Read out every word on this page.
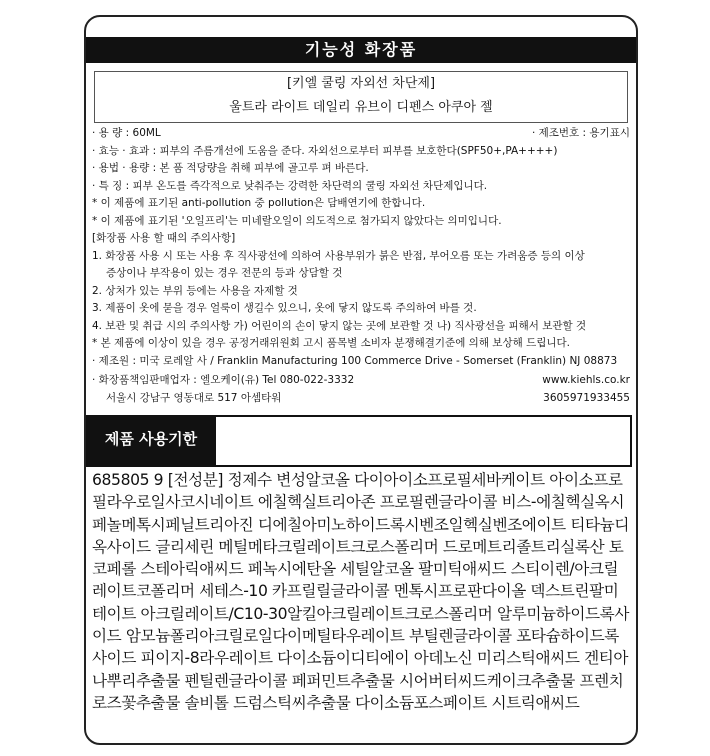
기능성 화장품
[키엘 쿨링 자외선 차단제]
울트라 라이트 데일리 유브이 디펜스 아쿠아 젤
· 용 량 : 60ML	· 제조번호 : 용기표시
· 효능 · 효과 : 피부의 주름개선에 도움을 준다. 자외선으로부터 피부를 보호한다(SPF50+,PA++++)
· 용법 · 용량 : 본 품 적당량을 취해 피부에 골고루 펴 바른다.
· 특 징 : 피부 온도를 즉각적으로 낮춰주는 강력한 차단력의 쿨링 자외선 차단제입니다.
* 이 제품에 표기된 anti-pollution 중 pollution은 담배연기에 한합니다.
* 이 제품에 표기된 '오일프리'는 미네랄오일이 의도적으로 첨가되지 않았다는 의미입니다.
[화장품 사용 할 때의 주의사항]
1. 화장품 사용 시 또는 사용 후 직사광선에 의하여 사용부위가 붉은 반점, 부어오름 또는 가려움증 등의 이상
증상이나 부작용이 있는 경우 전문의 등과 상담할 것
2. 상처가 있는 부위 등에는 사용을 자제할 것
3. 제품이 옷에 묻을 경우 얼룩이 생길수 있으니, 옷에 닿지 않도록 주의하여 바를 것.
4. 보관 및 취급 시의 주의사항 가) 어린이의 손이 닿지 않는 곳에 보관할 것 나) 직사광선을 피해서 보관할 것
* 본 제품에 이상이 있을 경우 공정거래위원회 고시 품목별 소비자 분쟁해결기준에 의해 보상해 드립니다.
· 제조원 : 미국 로레알 사 / Franklin Manufacturing 100 Commerce Drive - Somerset (Franklin) NJ 08873
· 화장품책임판매업자 : 엘오케이(유) Tel 080-022-3332	www.kiehls.co.kr
서울시 강남구 영동대로 517 아셈타워	3605971933455
제품 사용기한
685805 9 [전성분] 정제수 변성알코올 다이아이소프로필세바케이트 아이소프로필라우로일사코시네이트 에칠헥실트리아존 프로필렌글라이콜 비스-에칠헥실옥시페놀메톡시페닐트리아진 디에칠아미노하이드록시벤조일헥실벤조에이트 티타늄디옥사이드 글리세린 메틸메타크릴레이트크로스폴리머 드로메트리졸트리실록산 토코페롤 스테아릭애씨드 페녹시에탄올 세틸알코올 팔미틱애씨드 스티이렌/아크릴레이트코폴리머 세테스-10 카프릴릴글라이콜 멘톡시프로판다이올 덱스트린팔미테이트 아크릴레이트/C10-30알킬아크릴레이트크로스폴리머 알루미늄하이드록사이드 암모늄폴리아크릴로일다이메틸타우레이트 부틸렌글라이콜 포타슘하이드록사이드 피이지-8라우레이트 다이소듐이디티에이 아데노신 미리스틱애씨드 겐티아나뿌리추출물 펜틸렌글라이콜 페퍼민트추출물 시어버터씨드케이크추출물 프렌치로즈꽃추출물 솔비톨 드럼스틱씨추출물 다이소듐포스페이트 시트릭애씨드
